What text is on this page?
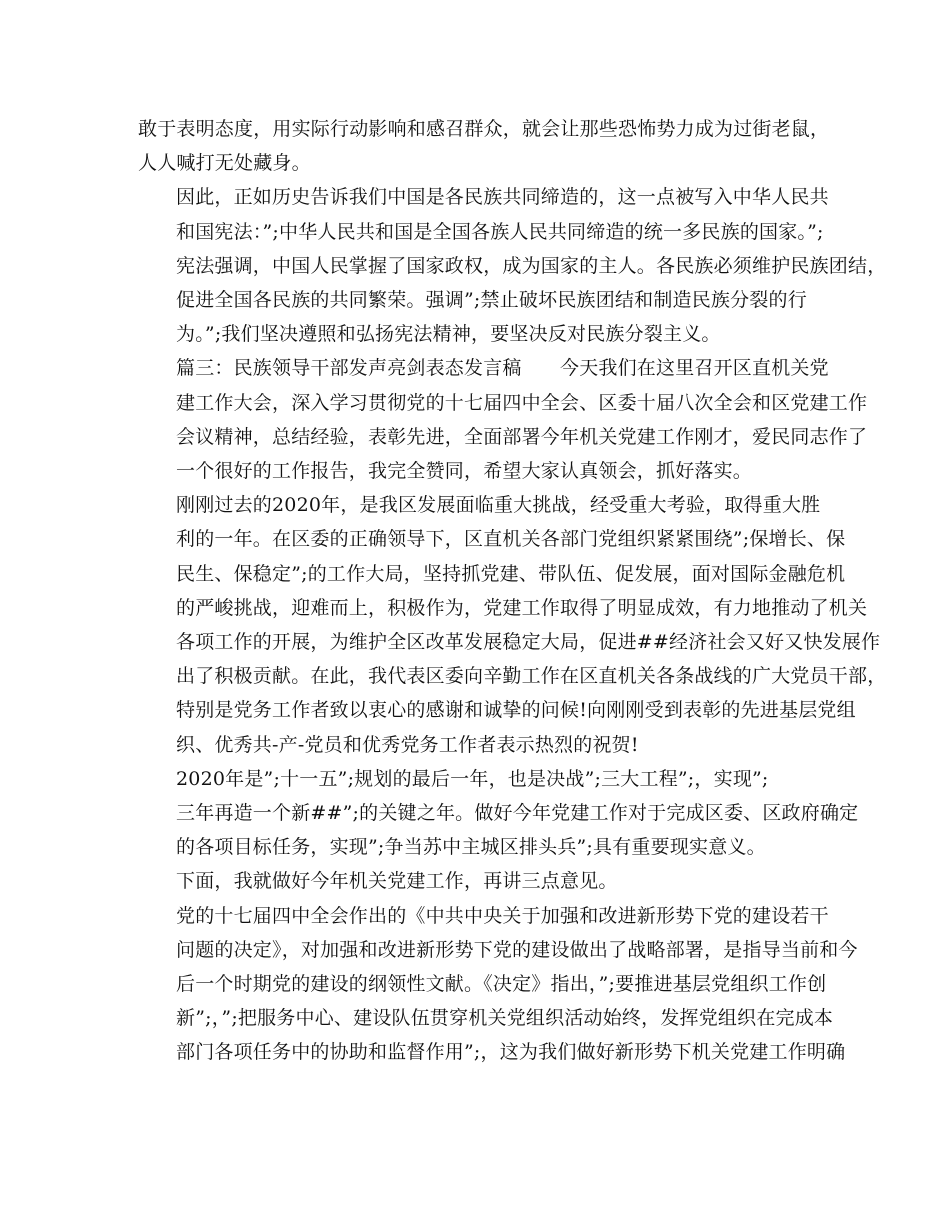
敢于表明态度，用实际行动影响和感召群众，就会让那些恐怖势力成为过街老鼠，
人人喊打无处藏身。

因此，正如历史告诉我们中国是各民族共同缔造的，这一点被写入中华人民共
和国宪法：”;中华人民共和国是全国各族人民共同缔造的统一多民族的国家。”;
宪法强调，中国人民掌握了国家政权，成为国家的主人。各民族必须维护民族团结，
促进全国各民族的共同繁荣。强调”;禁止破坏民族团结和制造民族分裂的行
为。”;我们坚决遵照和弘扬宪法精神，要坚决反对民族分裂主义。

篇三：民族领导干部发声亮剑表态发言稿　　今天我们在这里召开区直机关党
建工作大会，深入学习贯彻党的十七届四中全会、区委十届八次全会和区党建工作
会议精神，总结经验，表彰先进，全面部署今年机关党建工作刚才，爱民同志作了
一个很好的工作报告，我完全赞同，希望大家认真领会，抓好落实。

刚刚过去的2020年，是我区发展面临重大挑战，经受重大考验，取得重大胜
利的一年。在区委的正确领导下，区直机关各部门党组织紧紧围绕”;保增长、保
民生、保稳定”;的工作大局，坚持抓党建、带队伍、促发展，面对国际金融危机
的严峻挑战，迎难而上，积极作为，党建工作取得了明显成效，有力地推动了机关
各项工作的开展，为维护全区改革发展稳定大局，促进##经济社会又好又快发展作
出了积极贡献。在此，我代表区委向辛勤工作在区直机关各条战线的广大党员干部，
特别是党务工作者致以衷心的感谢和诚挚的问候!向刚刚受到表彰的先进基层党组
织、优秀共-产-党员和优秀党务工作者表示热烈的祝贺!

2020年是”;十一五”;规划的最后一年，也是决战”;三大工程”;，实现”;
三年再造一个新##”;的关键之年。做好今年党建工作对于完成区委、区政府确定
的各项目标任务，实现”;争当苏中主城区排头兵”;具有重要现实意义。

下面，我就做好今年机关党建工作，再讲三点意见。

党的十七届四中全会作出的《中共中央关于加强和改进新形势下党的建设若干
问题的决定》，对加强和改进新形势下党的建设做出了战略部署，是指导当前和今
后一个时期党的建设的纲领性文献。《决定》指出，”;要推进基层党组织工作创
新”;，”;把服务中心、建设队伍贯穿机关党组织活动始终，发挥党组织在完成本
部门各项任务中的协助和监督作用”;，这为我们做好新形势下机关党建工作明确
